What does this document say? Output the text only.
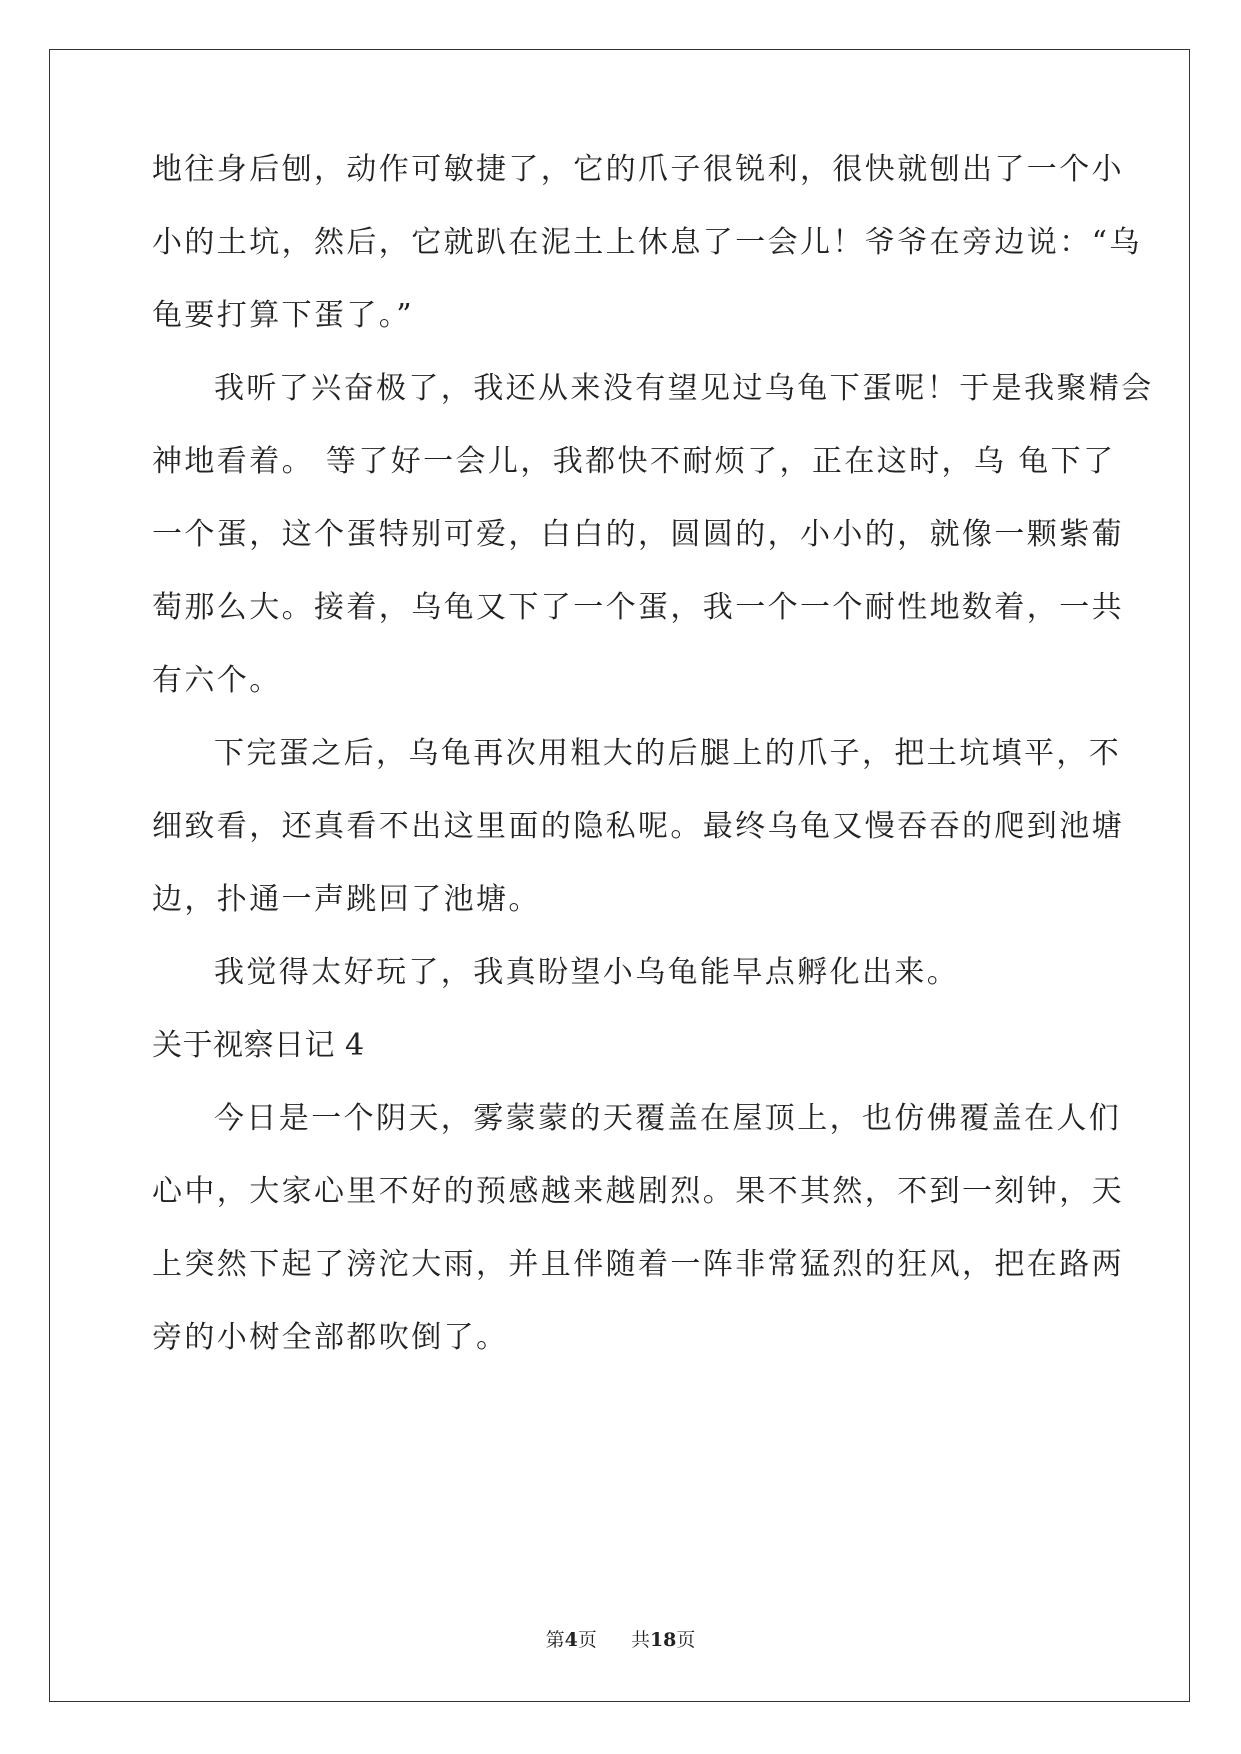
地往身后刨，动作可敏捷了，它的爪子很锐利，很快就刨出了一个小
小的土坑，然后，它就趴在泥土上休息了一会儿！爷爷在旁边说：“乌
龟要打算下蛋了。”
我听了兴奋极了，我还从来没有望见过乌龟下蛋呢！于是我聚精会
神地看着。 等了好一会儿，我都快不耐烦了，正在这时，乌 龟下了
一个蛋，这个蛋特别可爱，白白的，圆圆的，小小的，就像一颗紫葡
萄那么大。接着，乌龟又下了一个蛋，我一个一个耐性地数着，一共
有六个。
下完蛋之后，乌龟再次用粗大的后腿上的爪子，把土坑填平，不
细致看，还真看不出这里面的隐私呢。最终乌龟又慢吞吞的爬到池塘
边，扑通一声跳回了池塘。
我觉得太好玩了，我真盼望小乌龟能早点孵化出来。
关于视察日记 4
今日是一个阴天，雾蒙蒙的天覆盖在屋顶上，也仿佛覆盖在人们
心中，大家心里不好的预感越来越剧烈。果不其然，不到一刻钟，天
上突然下起了滂沱大雨，并且伴随着一阵非常猛烈的狂风，把在路两
旁的小树全部都吹倒了。
第4页 共18页
